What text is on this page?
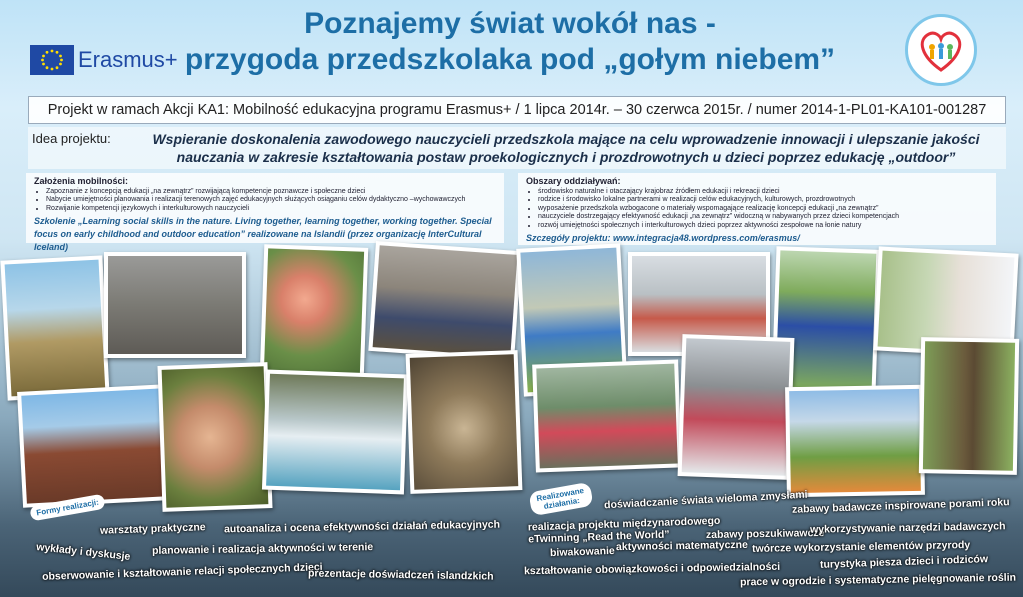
Poznajemy świat wokół nas -
przygoda przedszkolaka pod „gołym niebem”
Erasmus+
Projekt w ramach Akcji KA1: Mobilność edukacyjna programu Erasmus+ / 1 lipca 2014r. – 30 czerwca 2015r. / numer 2014-1-PL01-KA101-001287
Idea projektu:	Wspieranie doskonalenia zawodowego nauczycieli przedszkola mające na celu wprowadzenie innowacji i ulepszanie jakości nauczania w zakresie kształtowania postaw proekologicznych i prozdrowotnych u dzieci poprzez edukację „outdoor”
Założenia mobilności:
• Zapoznanie z koncepcją edukacji „na zewnątrz” rozwijającą kompetencje poznawcze i społeczne dzieci
• Nabycie umiejętności planowania i realizacji terenowych zajęć edukacyjnych służących osiąganiu celów dydaktyczno –wychowawczych
• Rozwijanie kompetencji językowych i interkulturowych nauczycieli
Szkolenie „Learning social skills in the nature. Living together, learning together, working together. Special focus on early childhood and outdoor education” realizowane na Islandii (przez organizację InterCultural Iceland)
Obszary oddziaływań:
• środowisko naturalne i otaczający krajobraz źródłem edukacji i rekreacji dzieci
• rodzice i środowisko lokalne partnerami w realizacji celów edukacyjnych, kulturowych, prozdrowotnych
• wyposażenie przedszkola wzbogacone o materiały wspomagające realizację koncepcji edukacji „na zewnątrz”
• nauczyciele dostrzegający efektywność edukacji „na zewnątrz” widoczną w nabywanych przez dzieci kompetencjach
• rozwój umiejętności społecznych i interkulturowych dzieci poprzez aktywności zespołowe na łonie natury
Szczegóły projektu: www.integracja48.wordpress.com/erasmus/
Formy realizacji:
Realizowane działania:
warsztaty praktyczne autoanaliza i ocena efektywności działań edukacyjnych
wykłady i dyskusje planowanie i realizacja aktywności w terenie
obserwowanie i kształtowanie relacji społecznych dzieci
prezentacje doświadczeń islandzkich
doświadczanie świata wieloma zmysłami
zabawy badawcze inspirowane porami roku
realizacja projektu międzynarodowego eTwinning „Read the World”	zabawy poszukiwawcze
wykorzystywanie narzędzi badawczych
aktywności matematyczne twórcze wykorzystanie elementów przyrody
biwakowanie
turystyka piesza dzieci i rodziców
kształtowanie obowiązkowości i odpowiedzialności
prace w ogrodzie i systematyczne pielęgnowanie roślin
